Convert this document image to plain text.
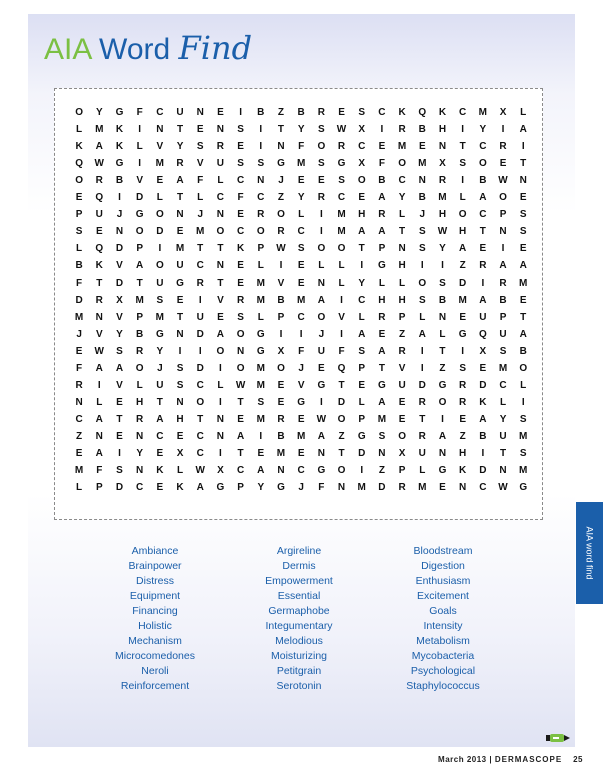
AIA Word Find
O	Y	G	F	C	U	N	E	I	B	Z	B	R	E	S	C	K	Q	K	C	M	X	L
L	M	K	I	N	T	E	N	S	I	T	Y	S	W	X	I	R	B	H	I	Y	I	A
K	A	K	L	V	Y	S	R	E	I	N	F	O	R	C	E	M	E	N	T	C	R	I
Q	W	G	I	M	R	V	U	S	S	G	M	S	G	X	F	O	M	X	S	O	E	T
O	R	B	V	E	A	F	L	C	N	J	E	E	S	O	B	C	N	R	I	B	W	N
E	Q	I	D	L	T	L	C	F	C	Z	Y	R	C	E	A	Y	B	M	L	A	O	E
P	U	J	G	O	N	J	N	E	R	O	L	I	M	H	R	L	J	H	O	C	P	S
S	E	N	O	D	E	M	O	C	O	R	C	I	M	A	A	T	S	W	H	T	N	S
L	Q	D	P	I	M	T	T	K	P	W	S	O	O	T	P	N	S	Y	A	E	I	E
B	K	V	A	O	U	C	N	E	L	I	E	L	L	I	G	H	I	I	Z	R	A	A
F	T	D	T	U	G	R	T	E	M	V	E	N	L	Y	L	L	O	S	D	I	R	M
D	R	X	M	S	E	I	V	R	M	B	M	A	I	C	H	H	S	B	M	A	B	E
M	N	V	P	M	T	U	E	S	L	P	C	O	V	L	R	P	L	N	E	U	P	T
J	V	Y	B	G	N	D	A	O	G	I	I	J	I	A	E	Z	A	L	G	Q	U	A
E	W	S	R	Y	I	I	O	N	G	X	F	U	F	S	A	R	I	T	I	X	S	B
F	A	A	O	J	S	D	I	O	M	O	J	E	Q	P	T	V	I	Z	S	E	M	O
R	I	V	L	U	S	C	L	W	M	E	V	G	T	E	G	U	D	G	R	D	C	L
N	L	E	H	T	N	O	I	T	S	E	G	I	D	L	A	E	R	O	R	K	L	I
C	A	T	R	A	H	T	N	E	M	R	E	W	O	P	M	E	T	I	E	A	Y	S
Z	N	E	N	C	E	C	N	A	I	B	M	A	Z	G	S	O	R	A	Z	B	U	M
E	A	I	Y	E	X	C	I	T	E	M	E	N	T	D	N	X	U	N	H	I	T	S
M	F	S	N	K	L	W	X	C	A	N	C	G	O	I	Z	P	L	G	K	D	N	M
L	P	D	C	E	K	A	G	P	Y	G	J	F	N	M	D	R	M	E	N	C	W	G
Ambiance
Brainpower
Distress
Equipment
Financing
Holistic
Mechanism
Microcomedones
Neroli
Reinforcement
Argireline
Dermis
Empowerment
Essential
Germaphobe
Integumentary
Melodious
Moisturizing
Petitgrain
Serotonin
Bloodstream
Digestion
Enthusiasm
Excitement
Goals
Intensity
Metabolism
Mycobacteria
Psychological
Staphylococcus
AIA word find
March 2013 | DERMASCOPE 25
